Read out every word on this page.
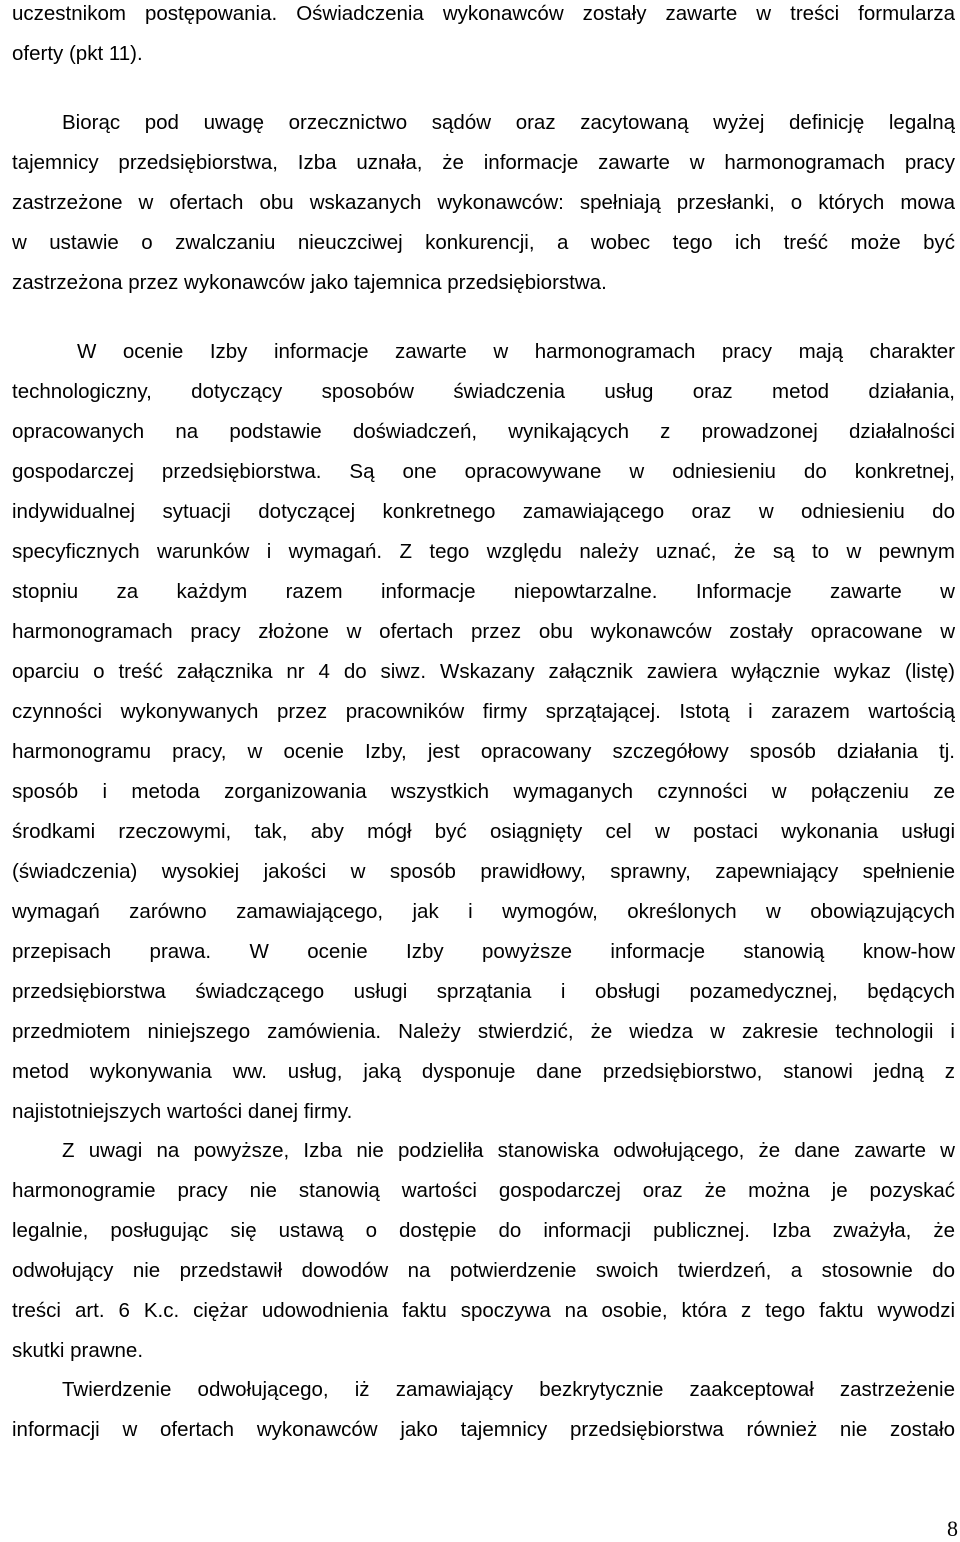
uczestnikom postępowania. Oświadczenia wykonawców zostały zawarte w treści formularza
oferty (pkt 11).
Biorąc pod uwagę orzecznictwo sądów oraz zacytowaną wyżej definicję legalną
tajemnicy przedsiębiorstwa, Izba uznała, że informacje zawarte w harmonogramach pracy
zastrzeżone w ofertach obu wskazanych wykonawców: spełniają przesłanki, o których mowa
w ustawie o zwalczaniu nieuczciwej konkurencji, a wobec tego ich treść może być
zastrzeżona przez wykonawców jako tajemnica przedsiębiorstwa.
W ocenie Izby informacje zawarte w harmonogramach pracy mają charakter
technologiczny, dotyczący sposobów świadczenia usług oraz metod działania,
opracowanych na podstawie doświadczeń, wynikających z prowadzonej działalności
gospodarczej przedsiębiorstwa. Są one opracowywane w odniesieniu do konkretnej,
indywidualnej sytuacji dotyczącej konkretnego zamawiającego oraz w odniesieniu do
specyficznych warunków i wymagań. Z tego względu należy uznać, że są to w pewnym
stopniu za każdym razem informacje niepowtarzalne. Informacje zawarte w
harmonogramach pracy złożone w ofertach przez obu wykonawców zostały opracowane w
oparciu o treść załącznika nr 4 do siwz. Wskazany załącznik zawiera wyłącznie wykaz (listę)
czynności wykonywanych przez pracowników firmy sprzątającej. Istotą i zarazem wartością
harmonogramu pracy, w ocenie Izby, jest opracowany szczegółowy sposób działania tj.
sposób i metoda zorganizowania wszystkich wymaganych czynności w połączeniu ze
środkami rzeczowymi, tak, aby mógł być osiągnięty cel w postaci wykonania usługi
(świadczenia) wysokiej jakości w sposób prawidłowy, sprawny, zapewniający spełnienie
wymagań zarówno zamawiającego, jak i wymogów, określonych w obowiązujących
przepisach prawa. W ocenie Izby powyższe informacje stanowią know-how
przedsiębiorstwa świadczącego usługi sprzątania i obsługi pozamedycznej, będących
przedmiotem niniejszego zamówienia. Należy stwierdzić, że wiedza w zakresie technologii i
metod wykonywania ww. usług, jaką dysponuje dane przedsiębiorstwo, stanowi jedną z
najistotniejszych wartości danej firmy.
Z uwagi na powyższe, Izba nie podzieliła stanowiska odwołującego, że dane zawarte w
harmonogramie pracy nie stanowią wartości gospodarczej oraz że można je pozyskać
legalnie, posługując się ustawą o dostępie do informacji publicznej. Izba zważyła, że
odwołujący nie przedstawił dowodów na potwierdzenie swoich twierdzeń, a stosownie do
treści art. 6 K.c. ciężar udowodnienia faktu spoczywa na osobie, która z tego faktu wywodzi
skutki prawne.
Twierdzenie odwołującego, iż zamawiający bezkrytycznie zaakceptował zastrzeżenie
informacji w ofertach wykonawców jako tajemnicy przedsiębiorstwa również nie zostało
8
